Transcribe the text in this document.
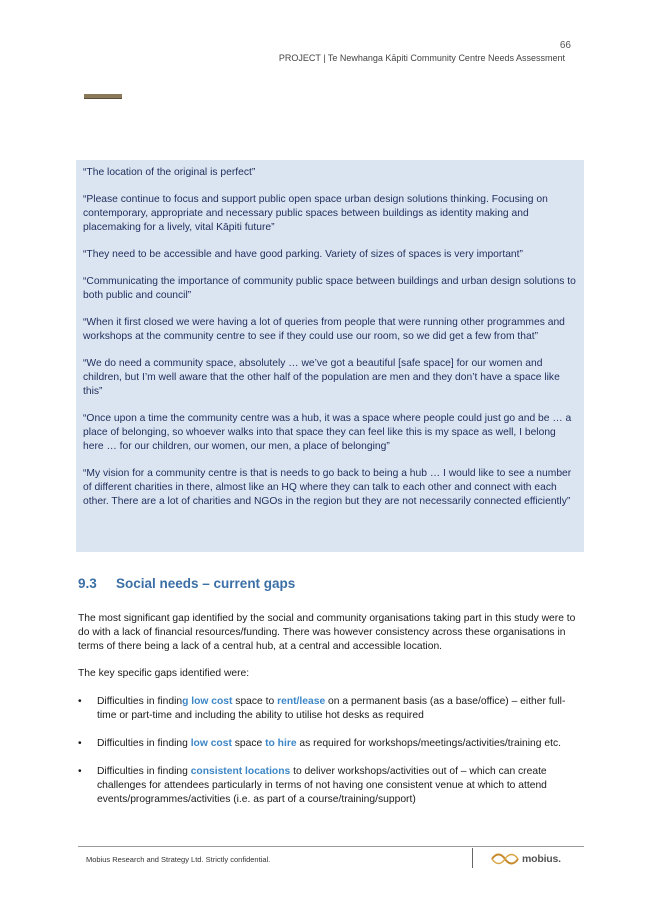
66
PROJECT | Te Newhanga Kāpiti Community Centre Needs Assessment

“The location of the original is perfect”

“Please continue to focus and support public open space urban design solutions thinking. Focusing on contemporary, appropriate and necessary public spaces between buildings as identity making and placemaking for a lively, vital Kāpiti future”

“They need to be accessible and have good parking. Variety of sizes of spaces is very important”

“Communicating the importance of community public space between buildings and urban design solutions to both public and council”

“When it first closed we were having a lot of queries from people that were running other programmes and workshops at the community centre to see if they could use our room, so we did get a few from that”

“We do need a community space, absolutely … we’ve got a beautiful [safe space] for our women and children, but I’m well aware that the other half of the population are men and they don’t have a space like this”

“Once upon a time the community centre was a hub, it was a space where people could just go and be … a place of belonging, so whoever walks into that space they can feel like this is my space as well, I belong here … for our children, our women, our men, a place of belonging”

“My vision for a community centre is that is needs to go back to being a hub … I would like to see a number of different charities in there, almost like an HQ where they can talk to each other and connect with each other. There are a lot of charities and NGOs in the region but they are not necessarily connected efficiently”

9.3	Social needs – current gaps

The most significant gap identified by the social and community organisations taking part in this study were to do with a lack of financial resources/funding. There was however consistency across these organisations in terms of there being a lack of a central hub, at a central and accessible location.

The key specific gaps identified were:

• Difficulties in finding low cost space to rent/lease on a permanent basis (as a base/office) – either full-time or part-time and including the ability to utilise hot desks as required
• Difficulties in finding low cost space to hire as required for workshops/meetings/activities/training etc.
• Difficulties in finding consistent locations to deliver workshops/activities out of – which can create challenges for attendees particularly in terms of not having one consistent venue at which to attend events/programmes/activities (i.e. as part of a course/training/support)
Mobius Research and Strategy Ltd. Strictly confidential.	mobius.
